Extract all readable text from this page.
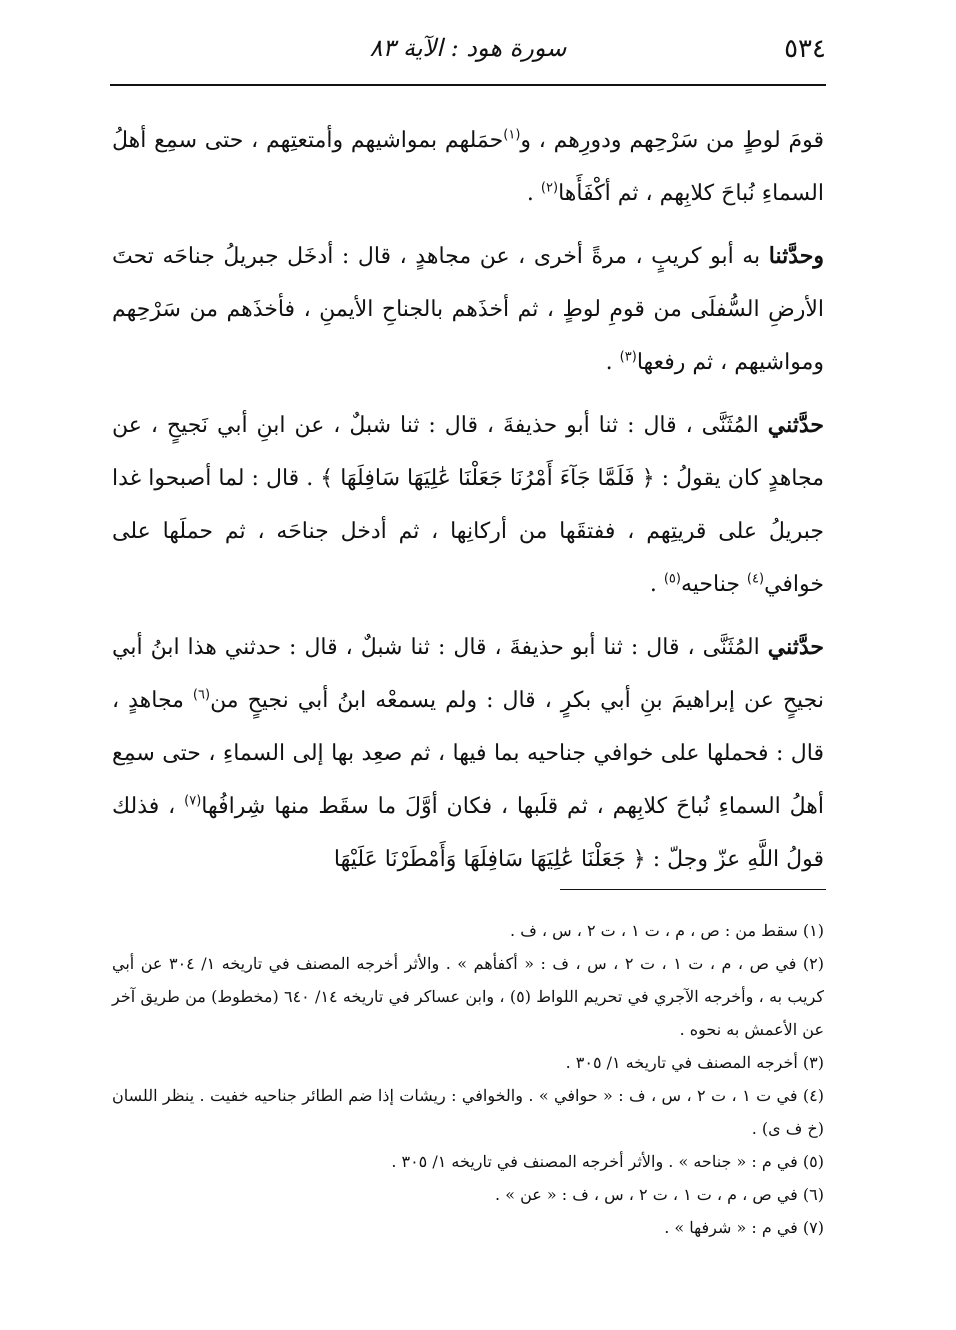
٥٣٤
سورة هود : الآية ٨٣

قومَ لوطٍ من سَرْحِهم ودورِهم ، و$^{(١)}$حمَلهم بمواشيهم وأمتعتِهم ، حتى سمِع أهلُ السماءِ نُباحَ كلابِهم ، ثم أكْفَأَها$^{(٢)}$ .

وحدَّثنا به أبو كريبٍ ، مرةً أخرى ، عن مجاهدٍ ، قال : أدخَل جبريلُ جناحَه تحتَ الأرضِ السُّفلَى من قومِ لوطٍ ، ثم أخذَهم بالجناحِ الأيمنِ ، فأخذَهم من سَرْحِهم ومواشيهم ، ثم رفعها$^{(٣)}$ .

حدَّثني المُثَنَّى ، قال : ثنا أبو حذيفةَ ، قال : ثنا شبلٌ ، عن ابنِ أبي نَجيحٍ ، عن مجاهدٍ كان يقولُ : ﴿ فَلَمَّا جَآءَ أَمْرُنَا جَعَلْنَا عَٰلِيَهَا سَافِلَهَا ﴾ . قال : لما أصبحوا غدا جبريلُ على قريتِهم ، ففتقَها من أركانِها ، ثم أدخل جناحَه ، ثم حملَها على خوافي$^{(٤)}$ جناحيه$^{(٥)}$ .

حدَّثني المُثَنَّى ، قال : ثنا أبو حذيفةَ ، قال : ثنا شبلٌ ، قال : حدثني هذا ابنُ أبي نجيحٍ عن إبراهيمَ بنِ أبي بكرٍ ، قال : ولم يسمعْه ابنُ أبي نجيحٍ من$^{(٦)}$ مجاهدٍ ، قال : فحملها على خوافي جناحيه بما فيها ، ثم صعِد بها إلى السماءِ ، حتى سمِع أهلُ السماءِ نُباحَ كلابِهم ، ثم قلَبها ، فكان أوَّلَ ما سقَط منها شِرافُها$^{(٧)}$ ، فذلك قولُ اللَّهِ عزّ وجلّ : ﴿ جَعَلْنَا عَٰلِيَهَا سَافِلَهَا وَأَمْطَرْنَا عَلَيْهَا

(١) سقط من : ص ، م ، ت ١ ، ت ٢ ، س ، ف .

(٢) في ص ، م ، ت ١ ، ت ٢ ، س ، ف : « أكفأهم » . والأثر أخرجه المصنف في تاريخه ١/ ٣٠٤ عن أبي كريب به ، وأخرجه الآجري في تحريم اللواط (٥) ، وابن عساكر في تاريخه ١٤/ ٦٤٠ (مخطوط) من طريق آخر عن الأعمش به نحوه .

(٣) أخرجه المصنف في تاريخه ١/ ٣٠٥ .

(٤) في ت ١ ، ت ٢ ، س ، ف : « حوافي » . والخوافي : ريشات إذا ضم الطائر جناحيه خفيت . ينظر اللسان (خ ف ى) .

(٥) في م : « جناحه » . والأثر أخرجه المصنف في تاريخه ١/ ٣٠٥ .

(٦) في ص ، م ، ت ١ ، ت ٢ ، س ، ف : « عن » .

(٧) في م : « شرفها » .
